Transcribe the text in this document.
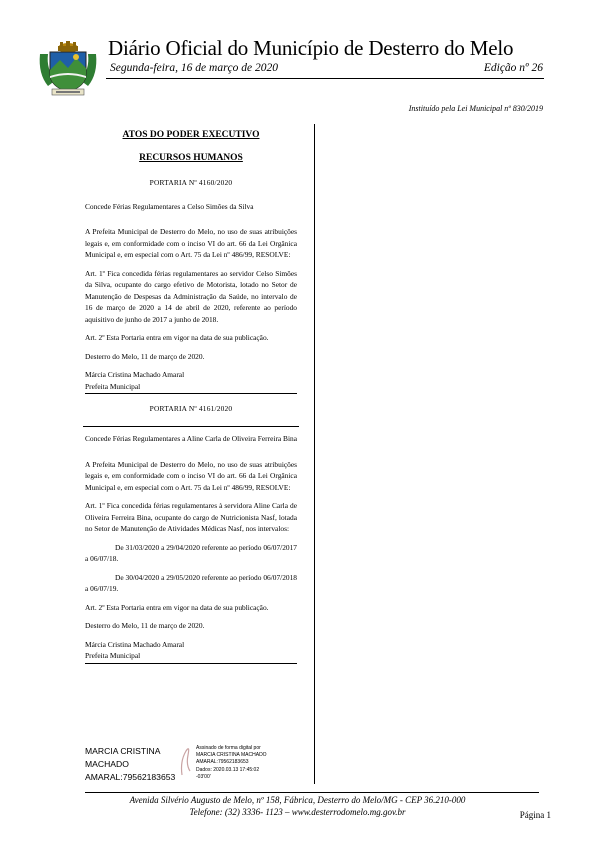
Diário Oficial do Município de Desterro do Melo
Segunda-feira, 16 de março de 2020	Edição nº 26
Instituído pela Lei Municipal nº 830/2019
ATOS DO PODER EXECUTIVO
RECURSOS HUMANOS
PORTARIA Nº 4160/2020
Concede Férias Regulamentares a Celso Simões da Silva
A Prefeita Municipal de Desterro do Melo, no uso de suas atribuições legais e, em conformidade com o inciso VI do art. 66 da Lei Orgânica Municipal e, em especial com o Art. 75 da Lei nº 486/99, RESOLVE:
Art. 1º Fica concedida férias regulamentares ao servidor Celso Simões da Silva, ocupante do cargo efetivo de Motorista, lotado no Setor de Manutenção de Despesas da Administração da Saúde, no intervalo de 16 de março de 2020 a 14 de abril de 2020, referente ao período aquisitivo de junho de 2017 a junho de 2018.
Art. 2º Esta Portaria entra em vigor na data de sua publicação.
Desterro do Melo, 11 de março de 2020.
Márcia Cristina Machado Amaral
Prefeita Municipal
PORTARIA Nº 4161/2020
Concede Férias Regulamentares a Aline Carla de Oliveira Ferreira Bina
A Prefeita Municipal de Desterro do Melo, no uso de suas atribuições legais e, em conformidade com o inciso VI do art. 66 da Lei Orgânica Municipal e, em especial com o Art. 75 da Lei nº 486/99, RESOLVE:
Art. 1º Fica concedida férias regulamentares à servidora Aline Carla de Oliveira Ferreira Bina, ocupante do cargo de Nutricionista Nasf, lotada no Setor de Manutenção de Atividades Médicas Nasf, nos intervalos:
De 31/03/2020 a 29/04/2020 referente ao período 06/07/2017 a 06/07/18.
De 30/04/2020 a 29/05/2020 referente ao período 06/07/2018 a 06/07/19.
Art. 2º Esta Portaria entra em vigor na data de sua publicação.
Desterro do Melo, 11 de março de 2020.
Márcia Cristina Machado Amaral
Prefeita Municipal
MARCIA CRISTINA
MACHADO
AMARAL:79562183653
Assinado de forma digital por
MARCIA CRISTINA MACHADO
AMARAL:79562183653
Dados: 2020.03.13 17:45:02
-03'00'
Avenida Silvério Augusto de Melo, nº 158, Fábrica, Desterro do Melo/MG - CEP 36.210-000
Telefone: (32) 3336- 1123 – www.desterrodomelo.mg.gov.br	Página 1
